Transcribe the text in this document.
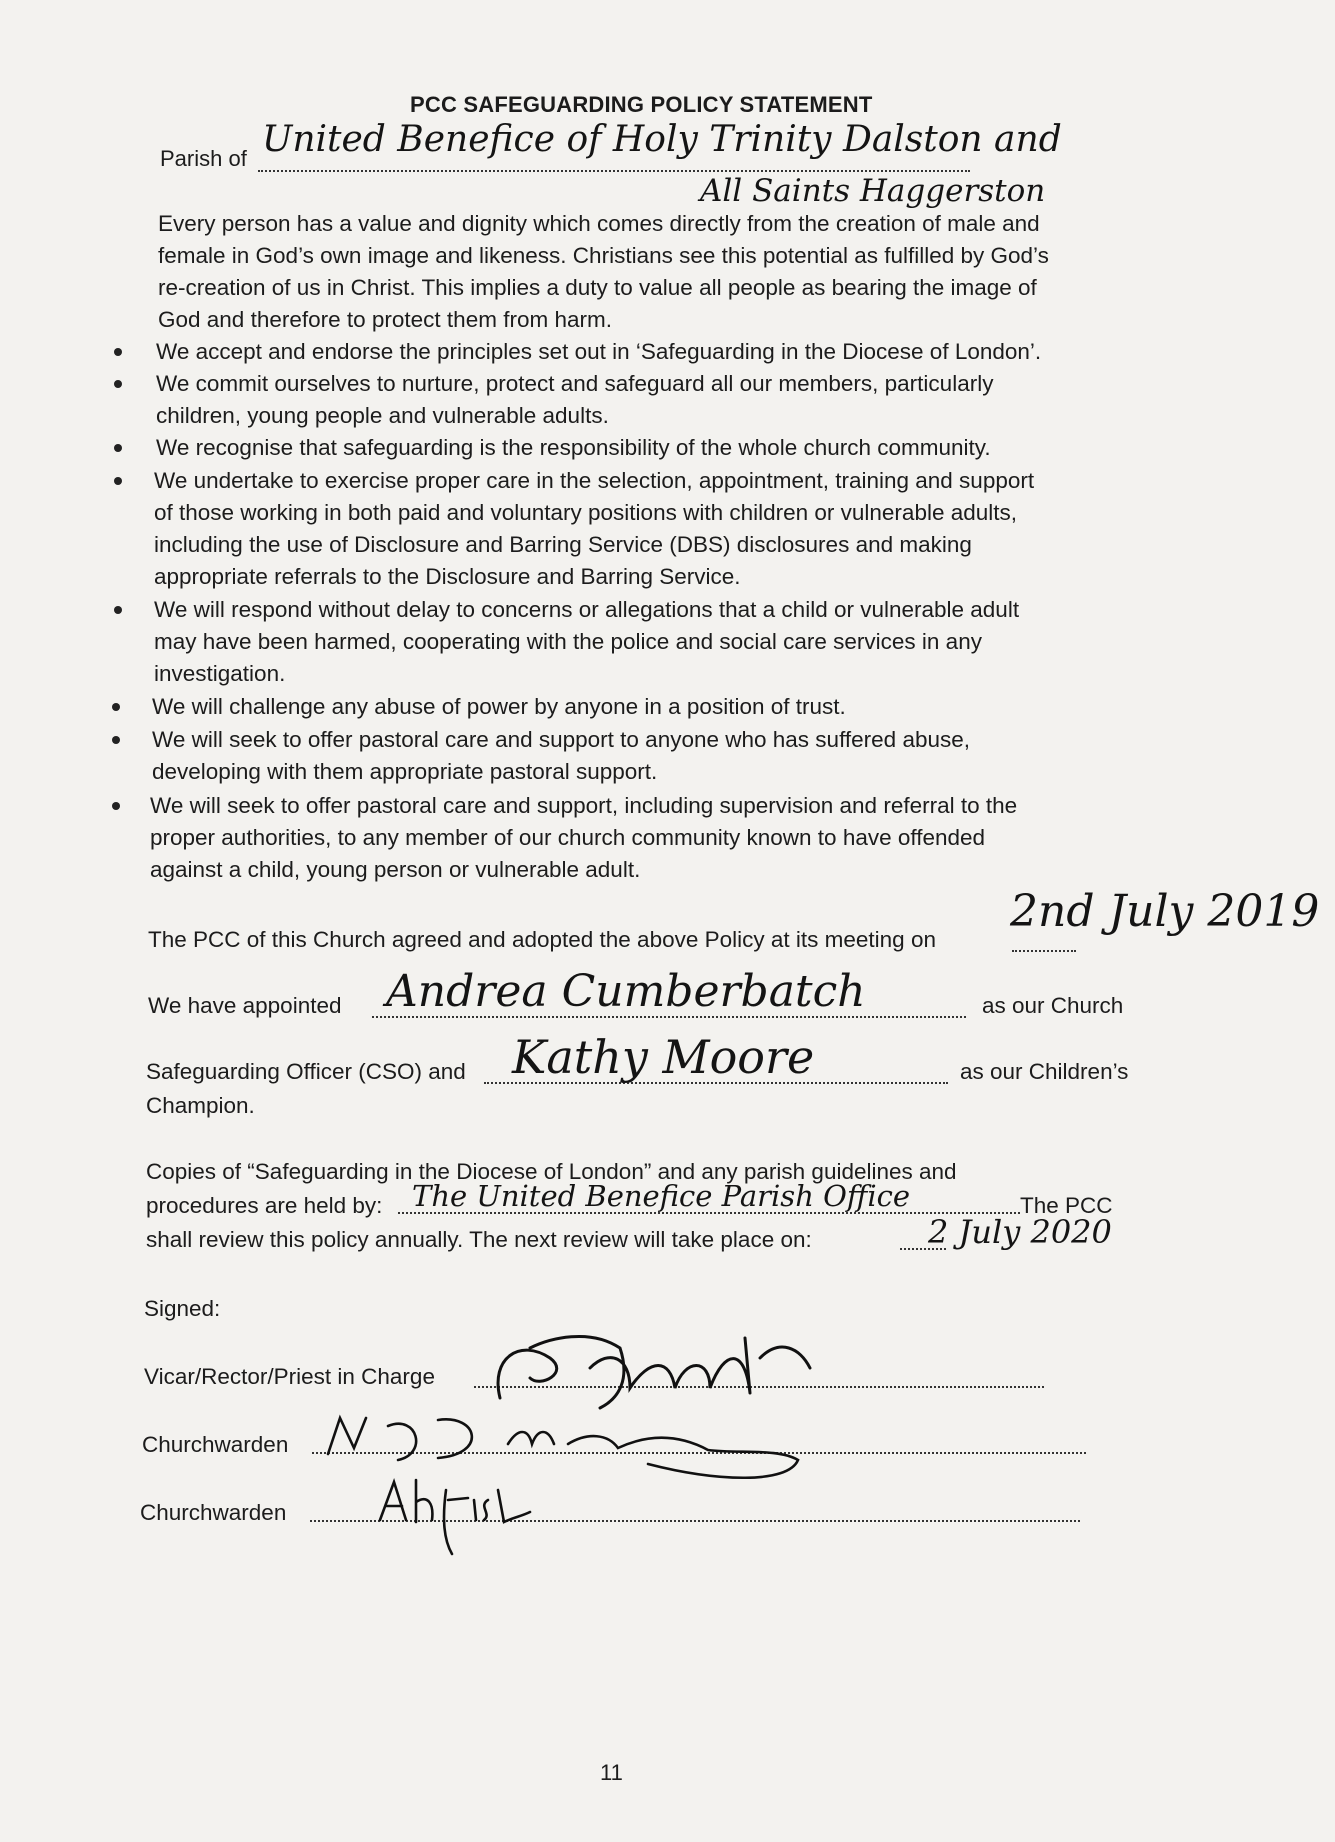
PCC SAFEGUARDING POLICY STATEMENT
Parish of United Benefice of Holy Trinity Dalston and
All Saints Haggerston
Every person has a value and dignity which comes directly from the creation of male and
female in God’s own image and likeness. Christians see this potential as fulfilled by God’s
re-creation of us in Christ. This implies a duty to value all people as bearing the image of
God and therefore to protect them from harm.
We accept and endorse the principles set out in ‘Safeguarding in the Diocese of London’.
We commit ourselves to nurture, protect and safeguard all our members, particularly
children, young people and vulnerable adults.
We recognise that safeguarding is the responsibility of the whole church community.
We undertake to exercise proper care in the selection, appointment, training and support
of those working in both paid and voluntary positions with children or vulnerable adults,
including the use of Disclosure and Barring Service (DBS) disclosures and making
appropriate referrals to the Disclosure and Barring Service.
We will respond without delay to concerns or allegations that a child or vulnerable adult
may have been harmed, cooperating with the police and social care services in any
investigation.
We will challenge any abuse of power by anyone in a position of trust.
We will seek to offer pastoral care and support to anyone who has suffered abuse,
developing with them appropriate pastoral support.
We will seek to offer pastoral care and support, including supervision and referral to the
proper authorities, to any member of our church community known to have offended
against a child, young person or vulnerable adult.
The PCC of this Church agreed and adopted the above Policy at its meeting on
2nd July 2019
We have appointed Andrea Cumberbatch	as our Church
Safeguarding Officer (CSO) and Kathy Moore	as our Children’s
Champion.
Copies of “Safeguarding in the Diocese of London” and any parish guidelines and
procedures are held by: The United Benefice Parish Office	The PCC
shall review this policy annually. The next review will take place on:	2 July 2020
Signed:
Vicar/Rector/Priest in Charge
Churchwarden
Churchwarden
11
